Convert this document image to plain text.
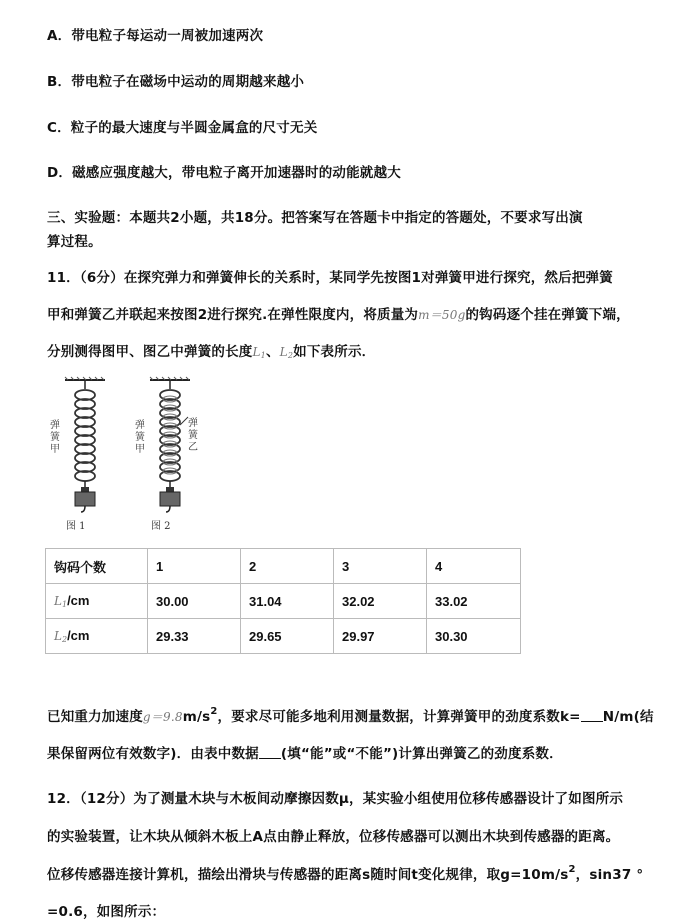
A．带电粒子每运动一周被加速两次
B．带电粒子在磁场中运动的周期越来越小
C．粒子的最大速度与半圆金属盒的尺寸无关
D．磁感应强度越大，带电粒子离开加速器时的动能就越大
三、实验题：本题共2小题，共18分。把答案写在答题卡中指定的答题处，不要求写出演
算过程。
11．（6分）在探究弹力和弹簧伸长的关系时，某同学先按图1对弹簧甲进行探究，然后把弹簧
甲和弹簧乙并联起来按图2进行探究.在弹性限度内，将质量为m＝50g的钩码逐个挂在弹簧下端，
分别测得图甲、图乙中弹簧的长度$L_1$、$L_2$如下表所示．
弹簧甲
图 1
弹簧甲
弹簧乙
图 2
钩码个数	1	2	3	4
$L_1/cm$	30.00	31.04	32.02	33.02
$L_2/cm$	29.33	29.65	29.97	30.30
已知重力加速度$g=9.8m/s^2$，要求尽可能多地利用测量数据，计算弹簧甲的劲度系数k= N/m(结
果保留两位有效数字)．由表中数据 (填“能”或“不能”)计算出弹簧乙的劲度系数．
12．（12分）为了测量木块与木板间动摩擦因数μ，某实验小组使用位移传感器设计了如图所示
的实验装置，让木块从倾斜木板上A点由静止释放，位移传感器可以测出木块到传感器的距离。
位移传感器连接计算机，描绘出滑块与传感器的距离s随时间t变化规律，取$g=10m/s^2$，sin37 °
=0.6，如图所示：
